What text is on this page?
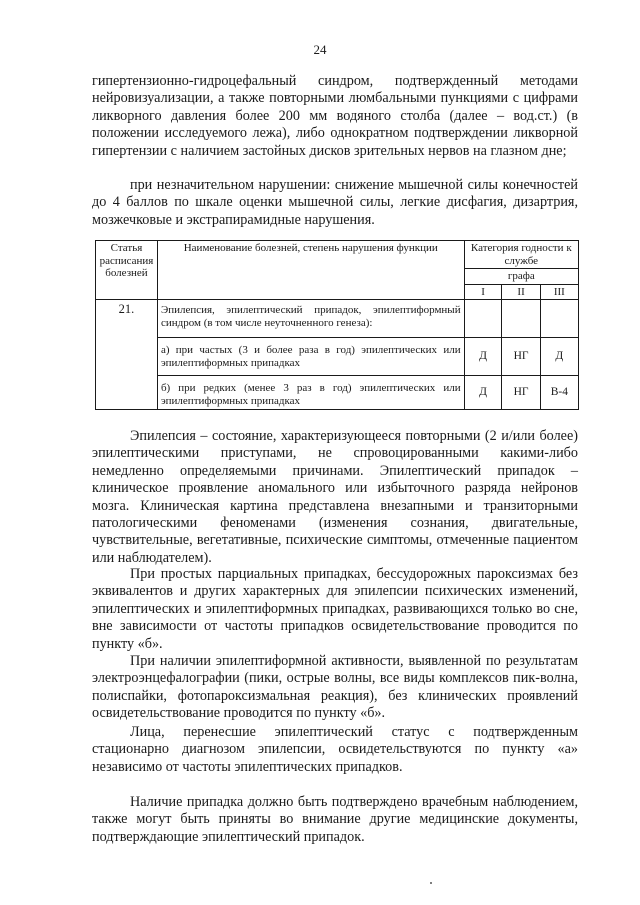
24

гипертензионно-гидроцефальный синдром, подтвержденный методами нейровизуализации, а также повторными люмбальными пункциями с цифрами ликворного давления более 200 мм водяного столба (далее – вод.ст.) (в положении исследуемого лежа), либо однократном подтверждении ликворной гипертензии с наличием застойных дисков зрительных нервов на глазном дне;

при незначительном нарушении: снижение мышечной силы конечностей до 4 баллов по шкале оценки мышечной силы, легкие дисфагия, дизартрия, мозжечковые и экстрапирамидные нарушения.

Статья расписания болезней	Наименование болезней, степень нарушения функции	Категория годности к службе		
		графа		
		I	II	III
21.	Эпилепсия, эпилептический припадок, эпилептиформный синдром (в том числе неуточненного генеза):			
	а) при частых (3 и более раза в год) эпилептических или эпилептиформных припадках	Д	НГ	Д
	б) при редких (менее 3 раз в год) эпилептических или эпилептиформных припадках	Д	НГ	В-4

Эпилепсия – состояние, характеризующееся повторными (2 и/или более) эпилептическими приступами, не спровоцированными какими-либо немедленно определяемыми причинами. Эпилептический припадок – клиническое проявление аномального или избыточного разряда нейронов мозга. Клиническая картина представлена внезапными и транзиторными патологическими феноменами (изменения сознания, двигательные, чувствительные, вегетативные, психические симптомы, отмеченные пациентом или наблюдателем).

При простых парциальных припадках, бессудорожных пароксизмах без эквивалентов и других характерных для эпилепсии психических изменений, эпилептических и эпилептиформных припадках, развивающихся только во сне, вне зависимости от частоты припадков освидетельствование проводится по пункту «б».

При наличии эпилептиформной активности, выявленной по результатам электроэнцефалографии (пики, острые волны, все виды комплексов пик-волна, полиспайки, фотопароксизмальная реакция), без клинических проявлений освидетельствование проводится по пункту «б».

Лица, перенесшие эпилептический статус с подтвержденным стационарно диагнозом эпилепсии, освидетельствуются по пункту «а» независимо от частоты эпилептических припадков.

Наличие припадка должно быть подтверждено врачебным наблюдением, также могут быть приняты во внимание другие медицинские документы, подтверждающие эпилептический припадок.
